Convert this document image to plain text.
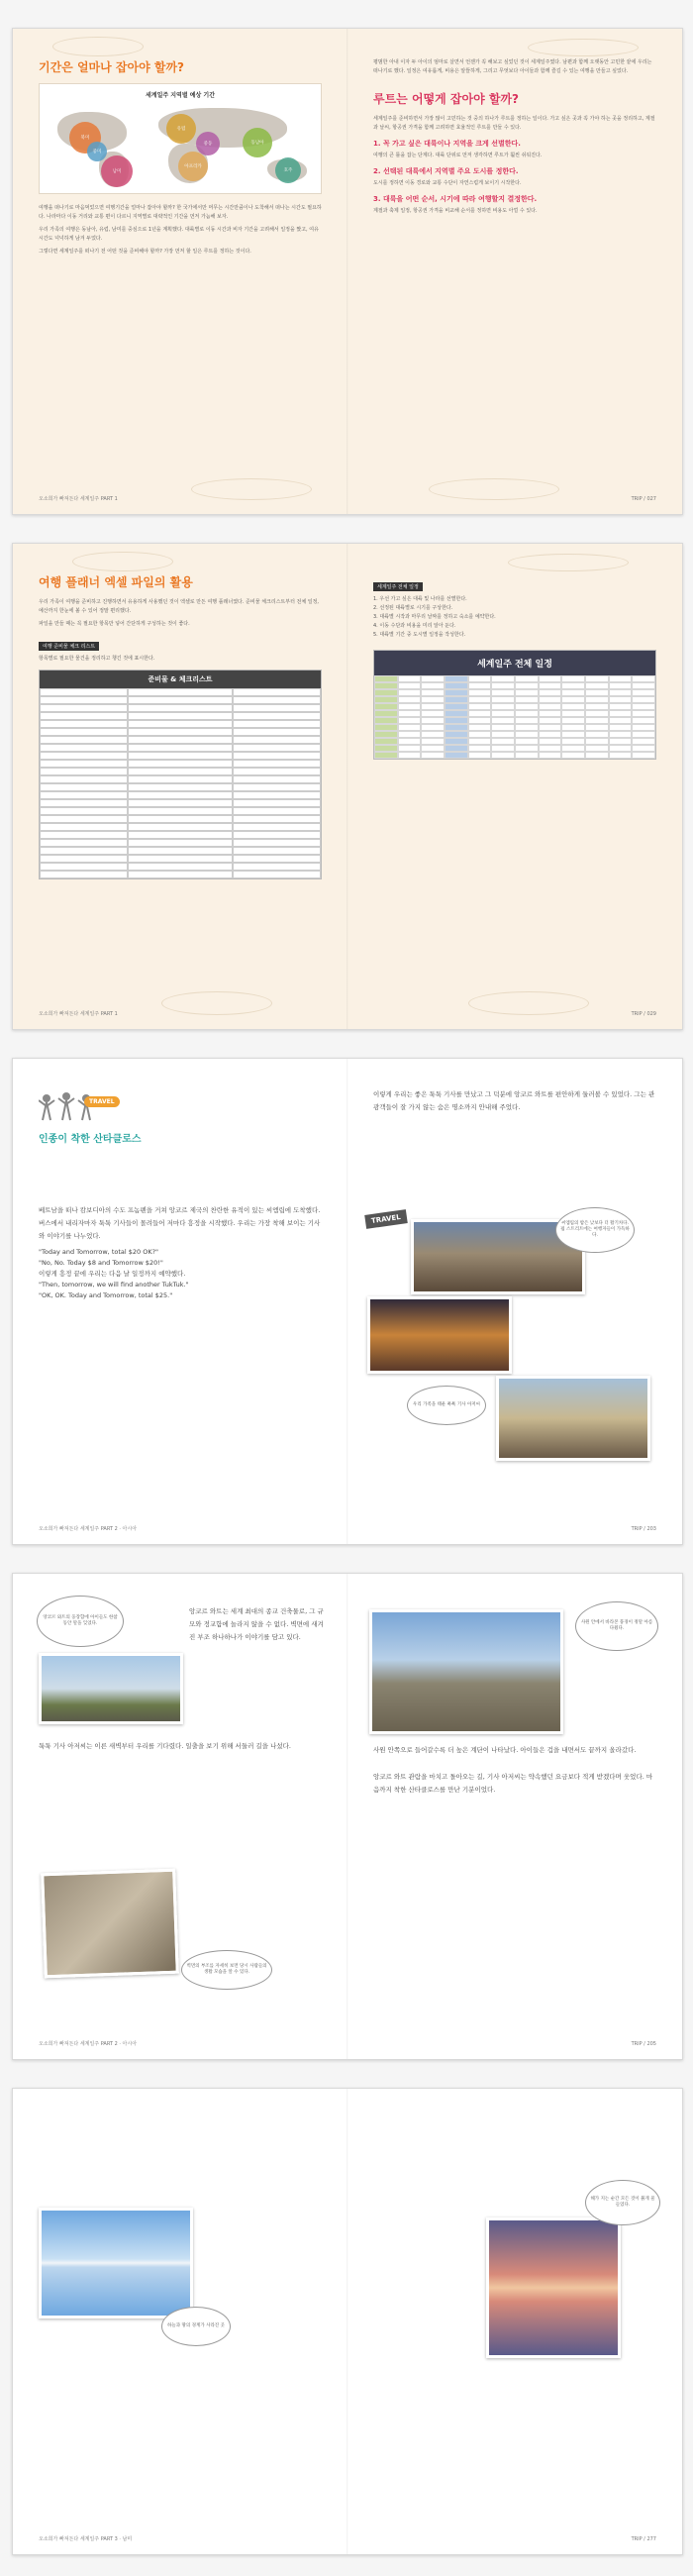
기간은 얼마나 잡아야 할까?
세계일주 지역별 예상 기간
북미
유럽
중동	동남아
아프리카
남미
중미
호주

여행을 떠나기로 마음먹었으면 여행기간을 얼마나 잡아야 할까? 한 국가에서만 머무는 시간만큼이나 도착해서 떠나는 시간도 필요하다. 나라마다 이동 거리와 교통 편이 다르니 지역별로 대략적인 기간을 먼저 가늠해 보자.

우리 가족의 여행은 동남아, 유럽, 남미를 중심으로 1년을 계획했다. 대륙별로 이동 시간과 비자 기간을 고려해서 일정을 짰고, 여유 시간도 넉넉하게 남겨 두었다.

그렇다면 세계일주를 떠나기 전 어떤 것을 준비해야 할까? 가장 먼저 할 일은 루트를 정하는 것이다.

오소희가 빠져든다 세계일주 PART 1

평범한 아내 이자 두 아이의 엄마로 살면서 언젠가 꼭 해보고 싶었던 것이 세계일주였다. 남편과 함께 오랫동안 고민한 끝에 우리는 떠나기로 했다. 일정은 여유롭게, 비용은 알뜰하게, 그리고 무엇보다 아이들과 함께 즐길 수 있는 여행을 만들고 싶었다.

루트는 어떻게 잡아야 할까?

세계일주를 준비하면서 가장 많이 고민하는 것 중의 하나가 루트를 정하는 일이다. 가고 싶은 곳과 꼭 가야 하는 곳을 정리하고, 계절과 날씨, 항공권 가격을 함께 고려하면 효율적인 루트를 만들 수 있다.

1. 꼭 가고 싶은 대륙이나 지역을 크게 선별한다.

여행의 큰 틀을 잡는 단계다. 대륙 단위로 먼저 생각하면 루트가 훨씬 쉬워진다.

2. 선택된 대륙에서 지역별 주요 도시를 정한다.

도시를 정하면 이동 경로와 교통 수단이 자연스럽게 보이기 시작한다.

3. 대륙을 어떤 순서, 시기에 따라 여행할지 결정한다.

계절과 축제 일정, 항공권 가격을 비교해 순서를 정하면 비용도 아낄 수 있다.

TRIP / 027
여행 플래너 엑셀 파일의 활용

우리 가족이 여행을 준비하고 진행하면서 유용하게 사용했던 것이 엑셀로 만든 여행 플래너였다. 준비물 체크리스트부터 전체 일정, 예산까지 한눈에 볼 수 있어 정말 편리했다.

파일을 만들 때는 꼭 필요한 항목만 넣어 간단하게 구성하는 것이 좋다.

여행 준비물 체크 리스트

항목별로 필요한 물건을 정리하고 챙긴 것에 표시한다.

준비물 & 체크리스트
오소희가 빠져든다 세계일주 PART 1
세계일주 전체 일정
1. 우선 가고 싶은 대륙 및 나라를 선별한다.
2. 선정된 대륙별로 시기를 구상한다.
3. 대륙별 시작과 마무리 날짜를 정하고 숙소를 예약한다.
4. 이동 수단과 비용을 미리 알아 둔다.
5. 대륙별 기간 중 도시별 일정을 작성한다.
세계일주 전체 일정
TRIP / 029
TRAVEL
인종이 착한 산타클로스

베트남을 떠나 캄보디아의 수도 프놈펜을 거쳐 앙코르 제국의 찬란한 유적이 있는 씨엠립에 도착했다. 버스에서 내리자마자 툭툭 기사들이 몰려들어 저마다 흥정을 시작했다. 우리는 가장 착해 보이는 기사와 이야기를 나누었다.

"Today and Tomorrow, total $20 OK?"

"No, No. Today $8 and Tomorrow $20!"

이렇게 흥정 끝에 우리는 다음 날 일정까지 예약했다.

"Then, tomorrow, we will find another TukTuk."

"OK, OK. Today and Tomorrow, total $25."

오소희가 빠져든다 세계일주 PART 2 · 아시아

이렇게 우리는 좋은 툭툭 기사를 만났고 그 덕분에 앙코르 와트를 편안하게 둘러볼 수 있었다. 그는 관광객들이 잘 가지 않는 숨은 명소까지 안내해 주었다.

TRAVEL	씨엠립의 밤은 낮보다 더 활기차다. 펍 스트리트에는 여행자들이 가득하다.
우리 가족을 태운 툭툭 기사 아저씨
TRIP / 203
앙코르 와트의 웅장함에 아이들도 한참 동안 말을 잊었다.

앙코르 와트는 세계 최대의 종교 건축물로, 그 규모와 정교함에 놀라지 않을 수 없다. 벽면에 새겨진 부조 하나하나가 이야기를 담고 있다.

툭툭 기사 아저씨는 이른 새벽부터 우리를 기다렸다. 일출을 보기 위해 서둘러 길을 나섰다.

벽면의 부조를 자세히 보면 당시 사람들의 생활 모습을 알 수 있다.
오소희가 빠져든다 세계일주 PART 2 · 아시아
사원 안에서 바라본 풍경이 정말 아름다웠다.

사원 안쪽으로 들어갈수록 더 높은 계단이 나타났다. 아이들은 겁을 내면서도 끝까지 올라갔다.

앙코르 와트 관람을 마치고 돌아오는 길, 기사 아저씨는 약속했던 요금보다 적게 받겠다며 웃었다. 마음까지 착한 산타클로스를 만난 기분이었다.

TRIP / 205
하늘과 땅의 경계가 사라진 곳
오소희가 빠져든다 세계일주 PART 3 · 남미
해가 지는 순간 모든 것이 붉게 물들었다.
TRIP / 277
